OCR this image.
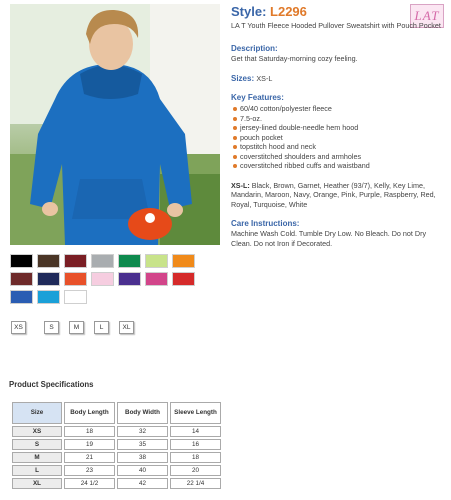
LAT
Style: L2296
LA T Youth Fleece Hooded Pullover Sweatshirt with Pouch Pocket
Description:
Get that Saturday-morning cozy feeling.
Sizes: XS-L
Key Features:
60/40 cotton/polyester fleece
7.5-oz.
jersey-lined double-needle hem hood
pouch pocket
topstitch hood and neck
coverstitched shoulders and armholes
coverstitched ribbed cuffs and waistband
XS-L: Black, Brown, Garnet, Heather (93/7), Kelly, Key Lime, Mandarin, Maroon, Navy, Orange, Pink, Purple, Raspberry, Red, Royal, Turquoise, White
Care Instructions:
Machine Wash Cold. Tumble Dry Low. No Bleach. Do not Dry Clean. Do not Iron if Decorated.
XS	S	M	L	XL
Product Specifications
Size	Body Length	Body Width	Sleeve Length
XS	18	32	14
S	19	35	16
M	21	38	18
L	23	40	20
XL	24 1/2	42	22 1/4
